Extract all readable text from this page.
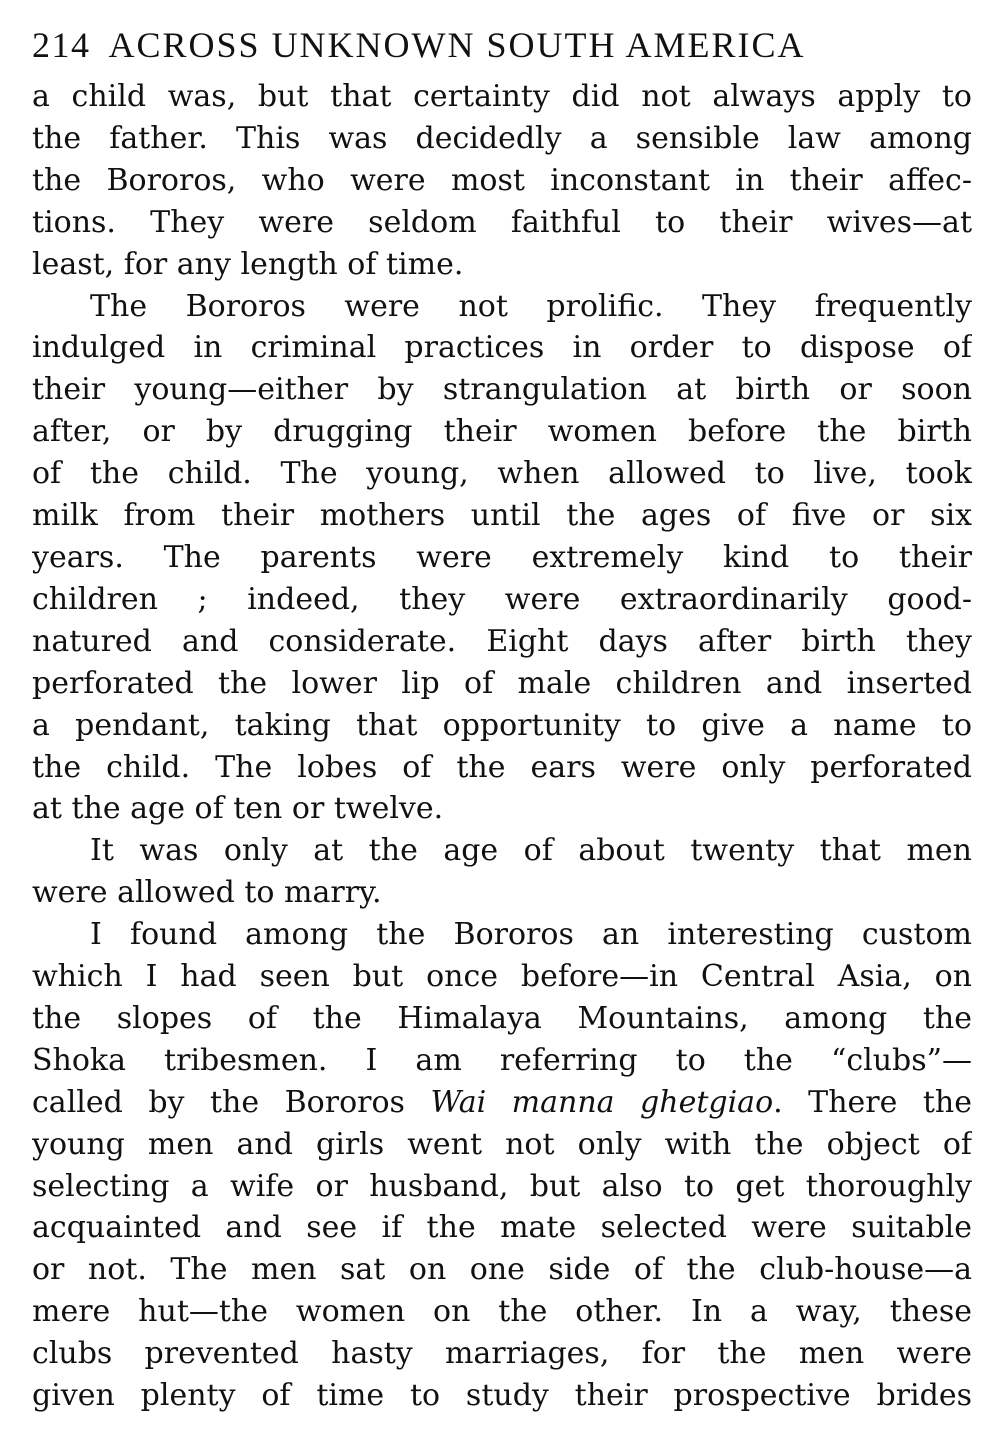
214 ACROSS UNKNOWN SOUTH AMERICA
a child was, but that certainty did not always apply to
the father. This was decidedly a sensible law among
the Bororos, who were most inconstant in their affec-
tions. They were seldom faithful to their wives—at
least, for any length of time.
The Bororos were not prolific. They frequently
indulged in criminal practices in order to dispose of
their young—either by strangulation at birth or soon
after, or by drugging their women before the birth
of the child. The young, when allowed to live, took
milk from their mothers until the ages of five or six
years. The parents were extremely kind to their
children ; indeed, they were extraordinarily good-
natured and considerate. Eight days after birth they
perforated the lower lip of male children and inserted
a pendant, taking that opportunity to give a name to
the child. The lobes of the ears were only perforated
at the age of ten or twelve.
It was only at the age of about twenty that men
were allowed to marry.
I found among the Bororos an interesting custom
which I had seen but once before—in Central Asia, on
the slopes of the Himalaya Mountains, among the
Shoka tribesmen. I am referring to the “clubs”—
called by the Bororos Wai manna ghetgiao. There the
young men and girls went not only with the object of
selecting a wife or husband, but also to get thoroughly
acquainted and see if the mate selected were suitable
or not. The men sat on one side of the club-house—a
mere hut—the women on the other. In a way, these
clubs prevented hasty marriages, for the men were
given plenty of time to study their prospective brides
